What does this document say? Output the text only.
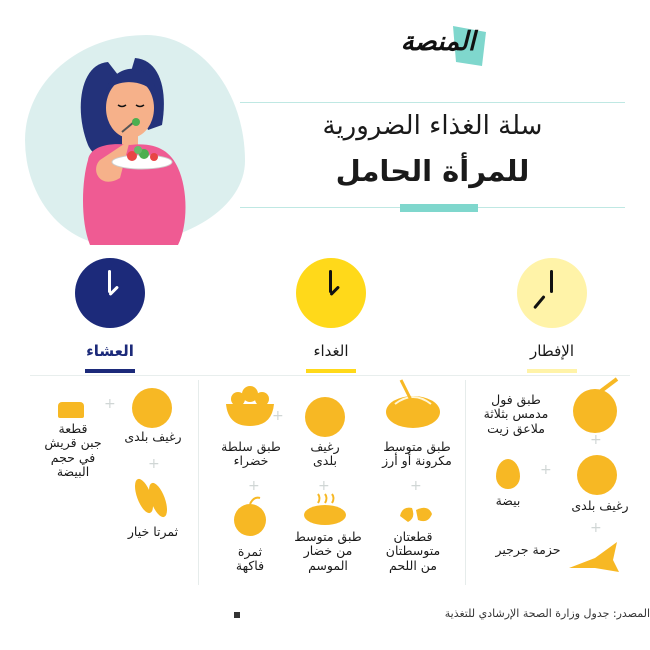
المنصة
سلة الغذاء الضرورية
للمرأة الحامل
العشاء	الغداء	الإفطار
طبق فول
مدمس بثلاثة
ملاعق زيت
+
رغيف بلدى
+
بيضة
+
حزمة جرجير
طبق متوسط
مكرونة أو أرز
رغيف
بلدى
+
طبق سلطة
خضراء
+
قطعتان
متوسطتان
من اللحم
+
طبق متوسط
من خضار
الموسم
+
ثمرة
فاكهة
رغيف بلدى
+
قطعة
جبن قريش
في حجم
البيضة	+
ثمرتا خيار
المصدر: جدول وزارة الصحة الإرشادي للتغذية
